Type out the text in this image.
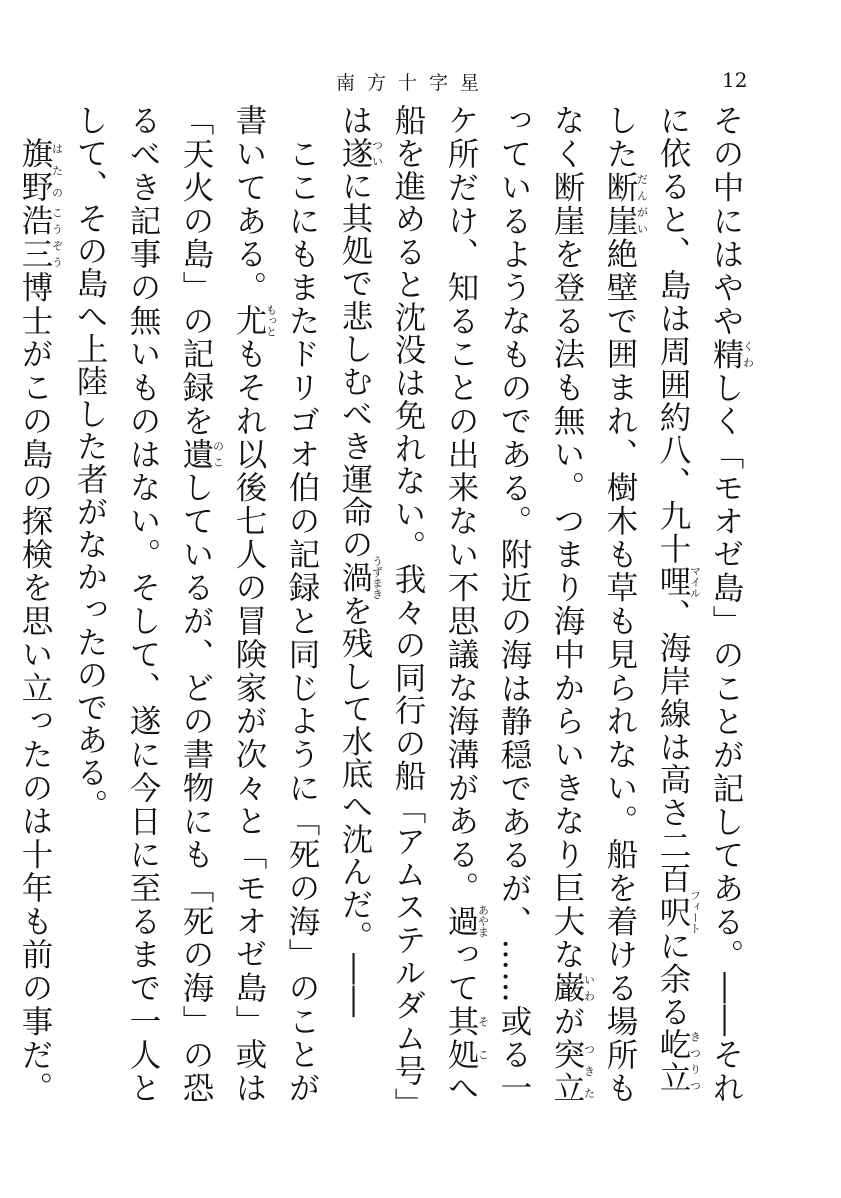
南方十字星	12

その中にはやや精くわしく「モオゼ島」のことが記してある。――それに依ると、島は周囲約八、九十哩マイル、海岸線は高さ二百呎フィートに余る屹立きつりつした断崖だんがい絶壁で囲まれ、樹木も草も見られない。船を着ける場所もなく断崖を登る法も無い。つまり海中からいきなり巨大な巌いわが突立つきたっているようなものである。附近の海は静穏であるが、……或る一ケ所だけ、知ることの出来ない不思議な海溝がある。過あやまって其処そこへ船を進めると沈没は免れない。我々の同行の船「アムステルダム号」は遂ついに其処で悲しむべき運命の渦うずまきを残して水底へ沈んだ。――

　ここにもまたドリゴオ伯の記録と同じように「死の海」のことが書いてある。尤もっともそれ以後七人の冒険家が次々と「モオゼ島」或は「天火の島」の記録を遺のこしているが、どの書物にも「死の海」の恐るべき記事の無いものはない。そして、遂に今日に至るまで一人として、その島へ上陸した者がなかったのである。

　旗野はたの浩三こうぞう博士がこの島の探検を思い立ったのは十年も前の事だ。
